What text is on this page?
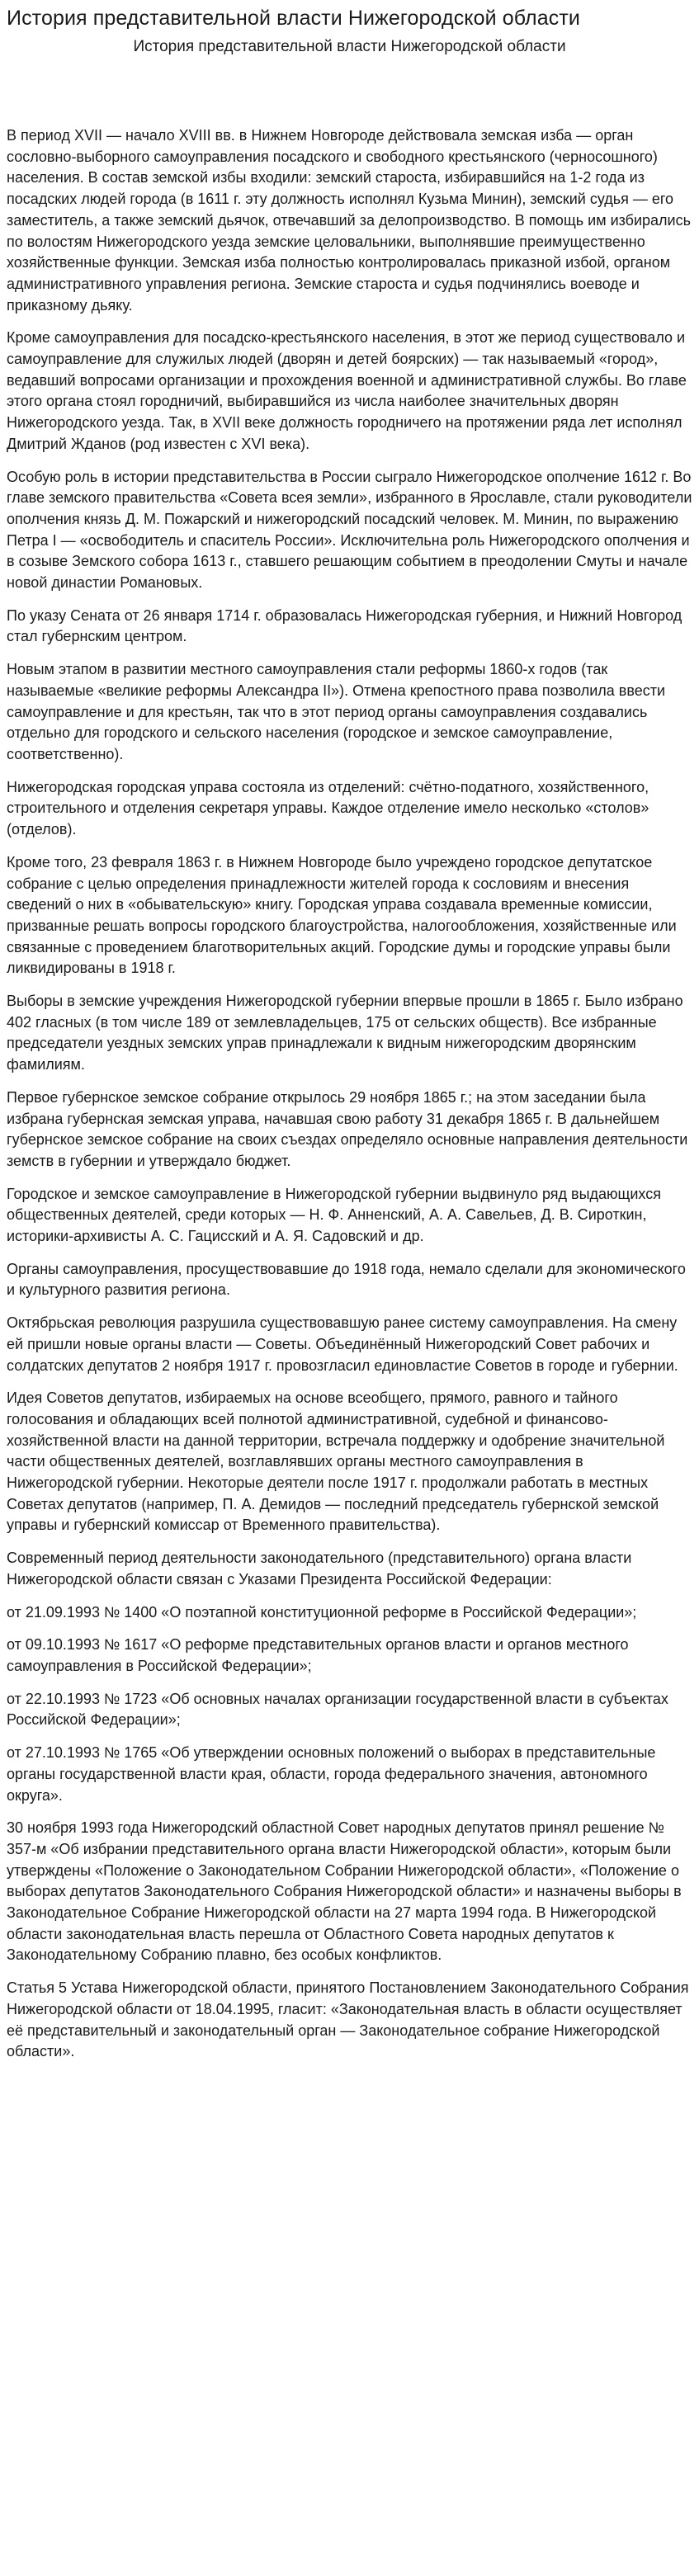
История представительной власти Нижегородской области
История представительной власти Нижегородской области

В период XVII — начало XVIII вв. в Нижнем Новгороде действовала земская изба — орган сословно-выборного самоуправления посадского и свободного крестьянского (черносошного) населения. В состав земской избы входили: земский староста, избиравшийся на 1-2 года из посадских людей города (в 1611 г. эту должность исполнял Кузьма Минин), земский судья — его заместитель, а также земский дьячок, отвечавший за делопроизводство. В помощь им избирались по волостям Нижегородского уезда земские целовальники, выполнявшие преимущественно хозяйственные функции. Земская изба полностью контролировалась приказной избой, органом административного управления региона. Земские староста и судья подчинялись воеводе и приказному дьяку.

Кроме самоуправления для посадско-крестьянского населения, в этот же период существовало и самоуправление для служилых людей (дворян и детей боярских) — так называемый «город», ведавший вопросами организации и прохождения военной и административной службы. Во главе этого органа стоял городничий, выбиравшийся из числа наиболее значительных дворян Нижегородского уезда. Так, в XVII веке должность городничего на протяжении ряда лет исполнял Дмитрий Жданов (род известен с XVI века).

Особую роль в истории представительства в России сыграло Нижегородское ополчение 1612 г. Во главе земского правительства «Совета всея земли», избранного в Ярославле, стали руководители ополчения князь Д. М. Пожарский и нижегородский посадский человек. М. Минин, по выражению Петра I — «освободитель и спаситель России». Исключительна роль Нижегородского ополчения и в созыве Земского собора 1613 г., ставшего решающим событием в преодолении Смуты и начале новой династии Романовых.

По указу Сената от 26 января 1714 г. образовалась Нижегородская губерния, и Нижний Новгород стал губернским центром.

Новым этапом в развитии местного самоуправления стали реформы 1860-х годов (так называемые «великие реформы Александра II»). Отмена крепостного права позволила ввести самоуправление и для крестьян, так что в этот период органы самоуправления создавались отдельно для городского и сельского населения (городское и земское самоуправление, соответственно).

Нижегородская городская управа состояла из отделений: счётно-податного, хозяйственного, строительного и отделения секретаря управы. Каждое отделение имело несколько «столов» (отделов).

Кроме того, 23 февраля 1863 г. в Нижнем Новгороде было учреждено городское депутатское собрание с целью определения принадлежности жителей города к сословиям и внесения сведений о них в «обывательскую» книгу. Городская управа создавала временные комиссии, призванные решать вопросы городского благоустройства, налогообложения, хозяйственные или связанные с проведением благотворительных акций. Городские думы и городские управы были ликвидированы в 1918 г.

Выборы в земские учреждения Нижегородской губернии впервые прошли в 1865 г. Было избрано 402 гласных (в том числе 189 от землевладельцев, 175 от сельских обществ). Все избранные председатели уездных земских управ принадлежали к видным нижегородским дворянским фамилиям.

Первое губернское земское собрание открылось 29 ноября 1865 г.; на этом заседании была избрана губернская земская управа, начавшая свою работу 31 декабря 1865 г. В дальнейшем губернское земское собрание на своих съездах определяло основные направления деятельности земств в губернии и утверждало бюджет.

Городское и земское самоуправление в Нижегородской губернии выдвинуло ряд выдающихся общественных деятелей, среди которых — Н. Ф. Анненский, А. А. Савельев, Д. В. Сироткин, историки-архивисты А. С. Гацисский и А. Я. Садовский и др.

Органы самоуправления, просуществовавшие до 1918 года, немало сделали для экономического и культурного развития региона.

Октябрьская революция разрушила существовавшую ранее систему самоуправления. На смену ей пришли новые органы власти — Советы. Объединённый Нижегородский Совет рабочих и солдатских депутатов 2 ноября 1917 г. провозгласил единовластие Советов в городе и губернии.

Идея Советов депутатов, избираемых на основе всеобщего, прямого, равного и тайного голосования и обладающих всей полнотой административной, судебной и финансово-хозяйственной власти на данной территории, встречала поддержку и одобрение значительной части общественных деятелей, возглавлявших органы местного самоуправления в Нижегородской губернии. Некоторые деятели после 1917 г. продолжали работать в местных Советах депутатов (например, П. А. Демидов — последний председатель губернской земской управы и губернский комиссар от Временного правительства).

Современный период деятельности законодательного (представительного) органа власти Нижегородской области связан с Указами Президента Российской Федерации:

от 21.09.1993 № 1400 «О поэтапной конституционной реформе в Российской Федерации»;

от 09.10.1993 № 1617 «О реформе представительных органов власти и органов местного самоуправления в Российской Федерации»;

от 22.10.1993 № 1723 «Об основных началах организации государственной власти в субъектах Российской Федерации»;

от 27.10.1993 № 1765 «Об утверждении основных положений о выборах в представительные органы государственной власти края, области, города федерального значения, автономного округа».

30 ноября 1993 года Нижегородский областной Совет народных депутатов принял решение № 357-м «Об избрании представительного органа власти Нижегородской области», которым были утверждены «Положение о Законодательном Собрании Нижегородской области», «Положение о выборах депутатов Законодательного Собрания Нижегородской области» и назначены выборы в Законодательное Собрание Нижегородской области на 27 марта 1994 года. В Нижегородской области законодательная власть перешла от Областного Совета народных депутатов к Законодательному Собранию плавно, без особых конфликтов.

Статья 5 Устава Нижегородской области, принятого Постановлением Законодательного Собрания Нижегородской области от 18.04.1995, гласит: «Законодательная власть в области осуществляет её представительный и законодательный орган — Законодательное собрание Нижегородской области».
